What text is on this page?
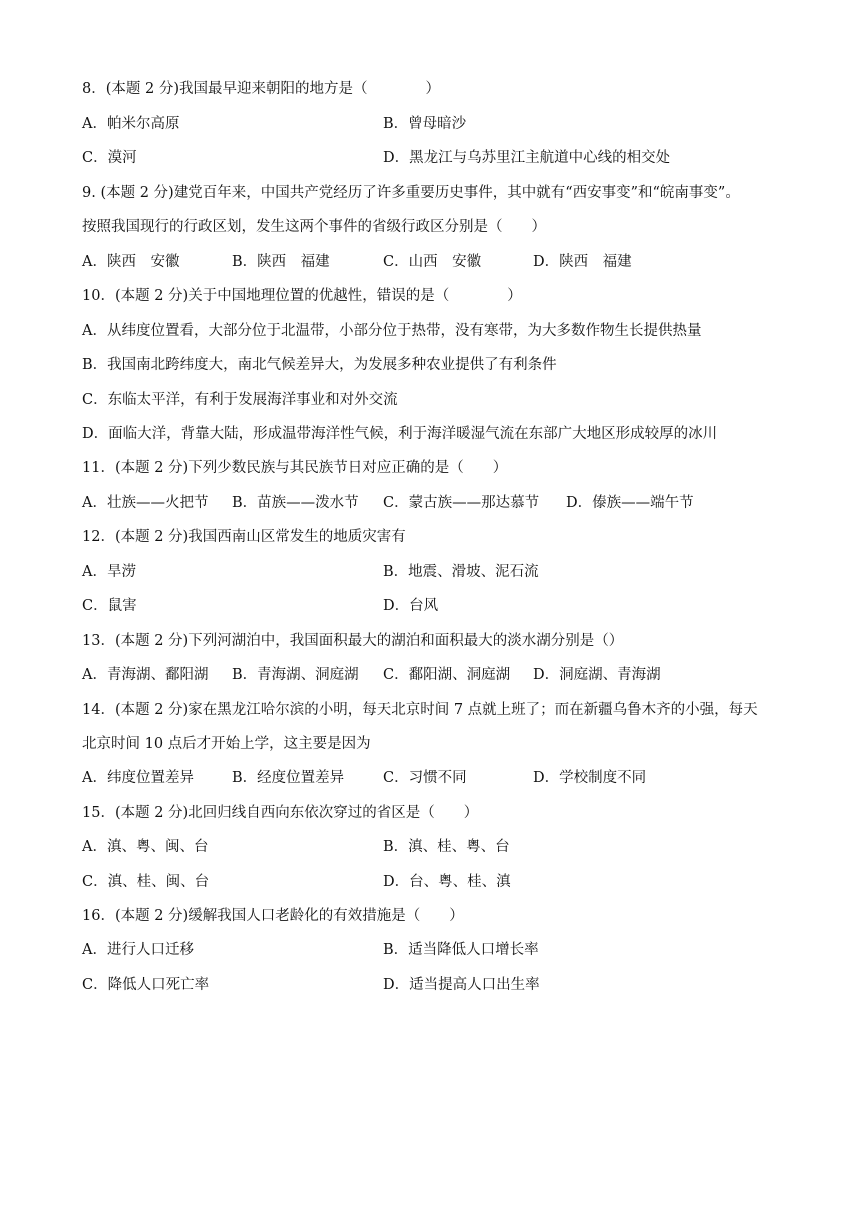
8．(本题 2 分)我国最早迎来朝阳的地方是（　　　　）
A．帕米尔高原	B．曾母暗沙
C．漠河	D．黑龙江与乌苏里江主航道中心线的相交处
9. (本题 2 分)建党百年来，中国共产党经历了许多重要历史事件，其中就有“西安事变”和“皖南事变”。
按照我国现行的行政区划，发生这两个事件的省级行政区分别是（　　）
A．陕西　安徽	B．陕西　福建	C．山西　安徽	D．陕西　福建
10．(本题 2 分)关于中国地理位置的优越性，错误的是（　　　　）
A．从纬度位置看，大部分位于北温带，小部分位于热带，没有寒带，为大多数作物生长提供热量
B．我国南北跨纬度大，南北气候差异大，为发展多种农业提供了有利条件
C．东临太平洋，有利于发展海洋事业和对外交流
D．面临大洋，背靠大陆，形成温带海洋性气候，利于海洋暖湿气流在东部广大地区形成较厚的冰川
11．(本题 2 分)下列少数民族与其民族节日对应正确的是（　　）
A．壮族——火把节 B．苗族——泼水节 C．蒙古族——那达慕节 D．傣族——端午节
12．(本题 2 分)我国西南山区常发生的地质灾害有
A．旱涝	B．地震、滑坡、泥石流
C．鼠害	D．台风
13．(本题 2 分)下列河湖泊中，我国面积最大的湖泊和面积最大的淡水湖分别是（）
A．青海湖、鄱阳湖 B．青海湖、洞庭湖 C．鄱阳湖、洞庭湖 D．洞庭湖、青海湖
14．(本题 2 分)家在黑龙江哈尔滨的小明，每天北京时间 7 点就上班了；而在新疆乌鲁木齐的小强，每天
北京时间 10 点后才开始上学，这主要是因为
A．纬度位置差异	B．经度位置差异	C．习惯不同	D．学校制度不同
15．(本题 2 分)北回归线自西向东依次穿过的省区是（　　）
A．滇、粤、闽、台	B．滇、桂、粤、台
C．滇、桂、闽、台	D．台、粤、桂、滇
16．(本题 2 分)缓解我国人口老龄化的有效措施是（　　）
A．进行人口迁移	B．适当降低人口增长率
C．降低人口死亡率	D．适当提高人口出生率
